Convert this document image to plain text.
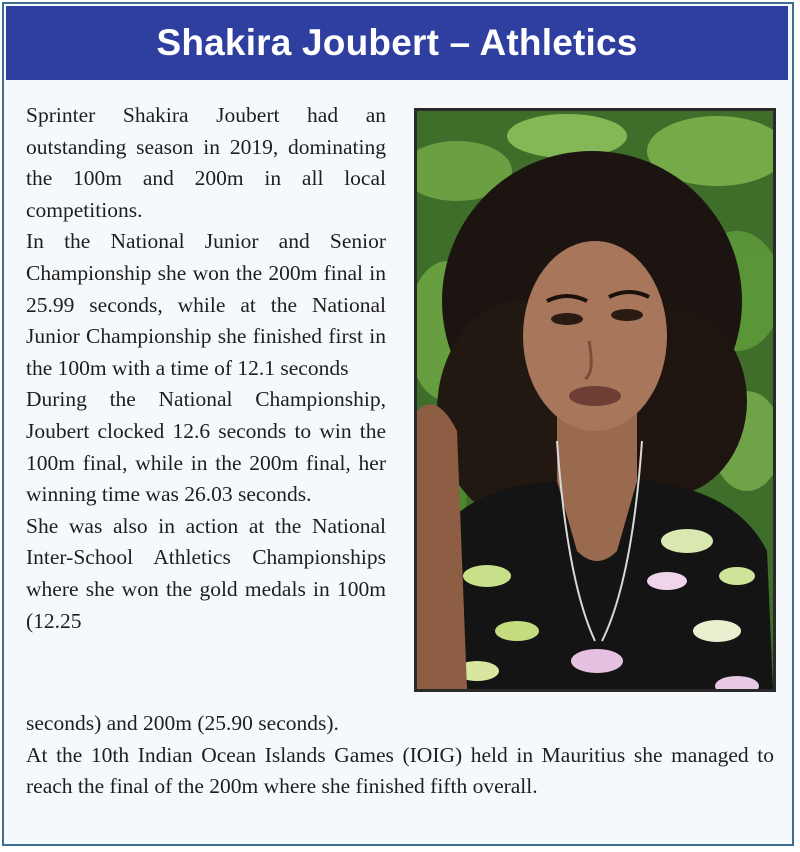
Shakira Joubert – Athletics

Sprinter Shakira Joubert had an outstanding season in 2019, dominating the 100m and 200m in all local competitions.

In the National Junior and Senior Championship she won the 200m final in 25.99 seconds, while at the National Junior Championship she finished first in the 100m with a time of 12.1 seconds

During the National Championship, Joubert clocked 12.6 seconds to win the 100m final, while in the 200m final, her winning time was 26.03 seconds.

She was also in action at the National Inter-School Athletics Championships where she won the gold medals in 100m (12.25

seconds) and 200m (25.90 seconds).

At the 10th Indian Ocean Islands Games (IOIG) held in Mauritius she managed to reach the final of the 200m where she finished fifth overall.
